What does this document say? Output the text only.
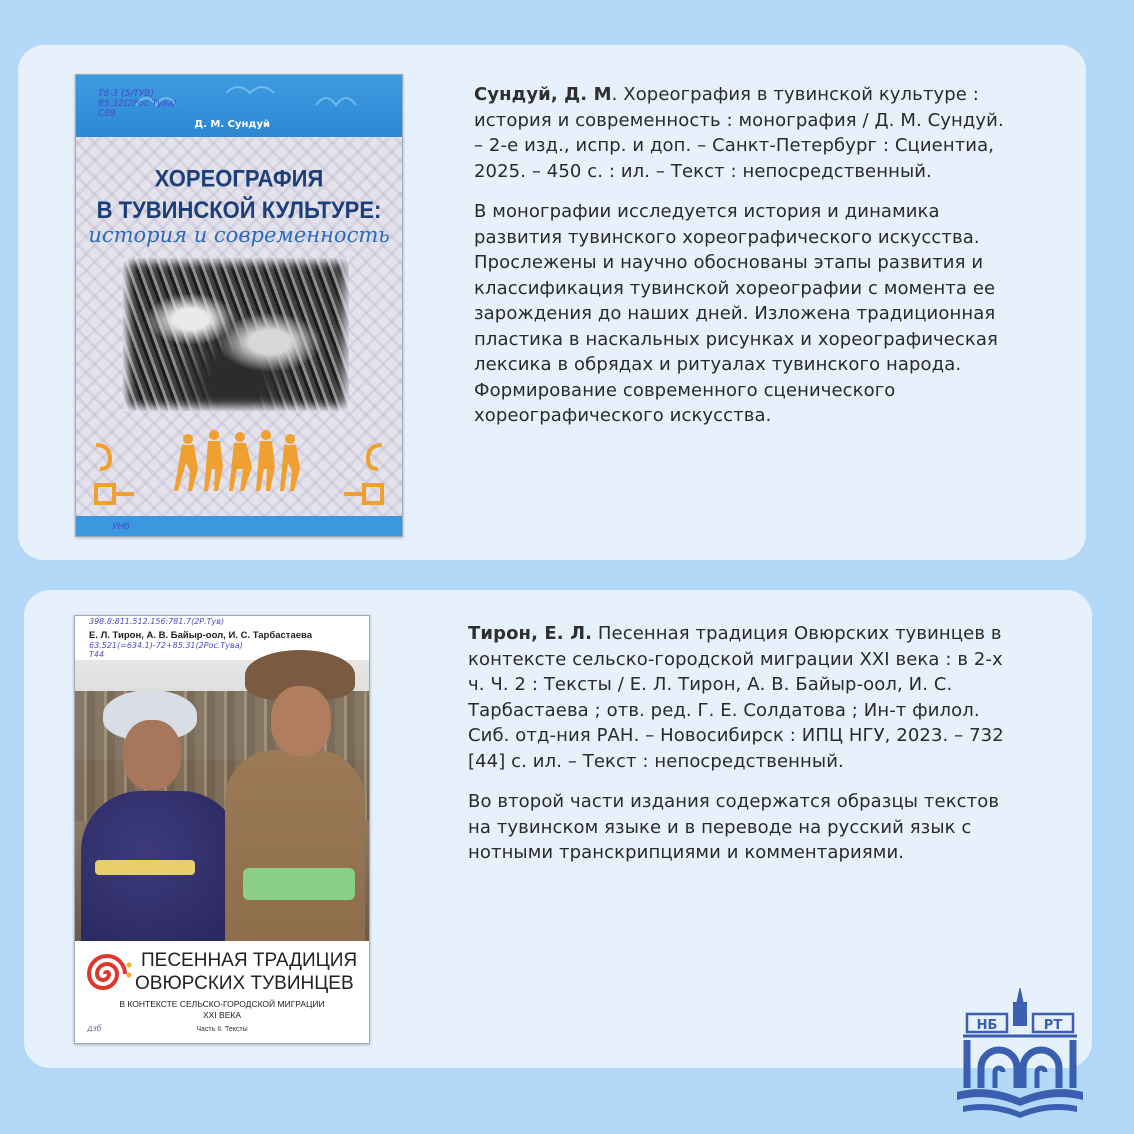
Т8-3 (5/ТУВ)
85.32(2Рос.Тува)
С89
Д. М. Сундуй
ХОРЕОГРАФИЯ
В ТУВИНСКОЙ КУЛЬТУРЕ:
история и современность
УНб

Сундуй, Д. М. Хореография в тувинской культуре : история и современность : монография / Д. М. Сундуй. – 2-е изд., испр. и доп. – Санкт-Петербург : Сциентиа, 2025. – 450 с. : ил. – Текст : непосредственный.

В монографии исследуется история и динамика развития тувинского хореографического искусства. Прослежены и научно обоснованы этапы развития и классификация тувинской хореографии с момента ее зарождения до наших дней. Изложена традиционная пластика в наскальных рисунках и хореографическая лексика в обрядах и ритуалах тувинского народа. Формирование современного сценического хореографического искусства.

398.8:811.512.156:781.7(2Р.Тув)
Е. Л. Тирон, А. В. Байыр-оол, И. С. Тарбастаева
63.521(=634.1)-72+85.31(2Рос.Тува)
Т44
ПЕСЕННАЯ ТРАДИЦИЯ
ОВЮРСКИХ ТУВИНЦЕВ
В КОНТЕКСТЕ СЕЛЬСКО-ГОРОДСКОЙ МИГРАЦИИ
XXI ВЕКА
Часть II. Тексты
дзб

Тирон, Е. Л. Песенная традиция Овюрских тувинцев в контексте сельско-городской миграции XXI века : в 2-х ч. Ч. 2 : Тексты / Е. Л. Тирон, А. В. Байыр-оол, И. С. Тарбастаева ; отв. ред. Г. Е. Солдатова ; Ин-т филол. Сиб. отд-ния РАН. – Новосибирск : ИПЦ НГУ, 2023. – 732 [44] с. ил. – Текст : непосредственный.

Во второй части издания содержатся образцы текстов на тувинском языке и в переводе на русский язык с нотными транскрипциями и комментариями.

НБ	РТ
